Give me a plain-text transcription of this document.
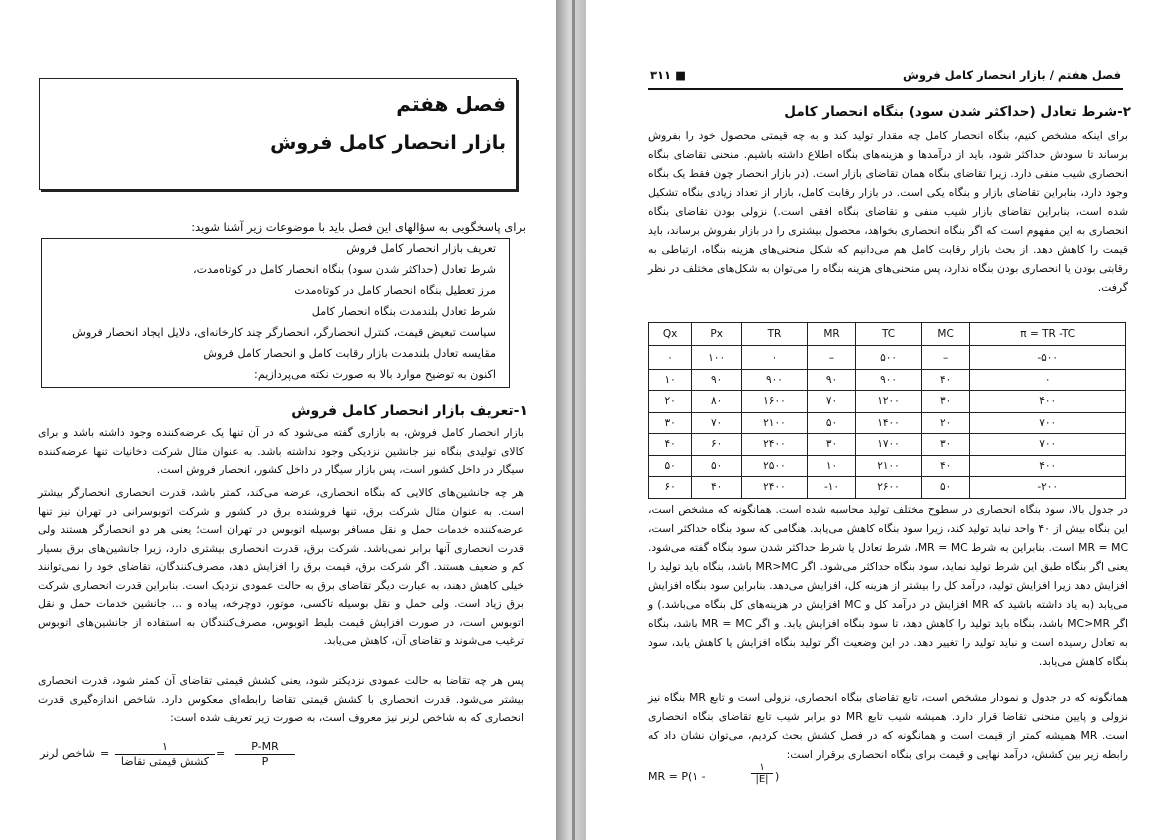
فصل هفتم
بازار انحصار کامل فروش
برای پاسخگویی به سؤالهای این فصل باید با موضوعات زیر آشنا شوید:
تعریف بازار انحصار کامل فروش
شرط تعادل (حداکثر شدن سود) بنگاه انحصار کامل در کوتاه‌مدت،
مرز تعطیل بنگاه انحصار کامل در کوتاه‌مدت
شرط تعادل بلندمدت بنگاه انحصار کامل
سیاست تبعیض قیمت، کنترل انحصارگر، انحصارگر چند کارخانه‌ای، دلایل ایجاد انحصار فروش
مقایسه تعادل بلندمدت بازار رقابت کامل و انحصار کامل فروش
اکنون به توضیح موارد بالا به صورت نکته می‌پردازیم:
۱-تعریف بازار انحصار کامل فروش
بازار انحصار کامل فروش، به بازاری گفته می‌شود که در آن تنها یک عرضه‌کننده وجود داشته باشد و برای کالای تولیدی بنگاه نیز جانشین نزدیکی وجود نداشته باشد. به عنوان مثال شرکت دخانیات تنها عرضه‌کننده سیگار در داخل کشور است، پس بازار سیگار در داخل کشور، انحصار فروش است.
هر چه جانشین‌های کالایی که بنگاه انحصاری، عرضه می‌کند، کمتر باشد، قدرت انحصاری انحصارگر بیشتر است. به عنوان مثال شرکت برق، تنها فروشنده برق در کشور و شرکت اتوبوسرانی در تهران نیز تنها عرضه‌کننده خدمات حمل و نقل مسافر بوسیله اتوبوس در تهران است؛ یعنی هر دو انحصارگر هستند ولی قدرت انحصاری آنها برابر نمی‌باشد. شرکت برق، قدرت انحصاری بیشتری دارد، زیرا جانشین‌های برق بسیار کم و ضعیف هستند. اگر شرکت برق، قیمت برق را افزایش دهد، مصرف‌کنندگان، تقاضای خود را نمی‌توانند خیلی کاهش دهند، به عبارت دیگر تقاضای برق به حالت عمودی نزدیک است. بنابراین قدرت انحصاری شرکت برق زیاد است. ولی حمل و نقل بوسیله تاکسی، موتور، دوچرخه، پیاده و ... جانشین خدمات حمل و نقل اتوبوس است، در صورت افزایش قیمت بلیط اتوبوس، مصرف‌کنندگان به استفاده از جانشین‌های اتوبوس ترغیب می‌شوند و تقاضای آن، کاهش می‌یابد.
پس هر چه تقاضا به حالت عمودی نزدیکتر شود، یعنی کشش قیمتی تقاضای آن کمتر شود، قدرت انحصاری بیشتر می‌شود. قدرت انحصاری با کشش قیمتی تقاضا رابطه‌ای معکوس دارد. شاخص اندازه‌گیری قدرت انحصاری که به شاخص لرنر نیز معروف است، به صورت زیر تعریف شده است:
$\frac{P-MR}{P}$
=
۱
کشش قیمتی تقاضا
=
شاخص لرنر
فصل هفتم / بازار انحصار کامل فروش
۳۱۱ ■
۲-شرط تعادل (حداکثر شدن سود) بنگاه انحصار کامل
برای اینکه مشخص کنیم، بنگاه انحصار کامل چه مقدار تولید کند و به چه قیمتی محصول خود را بفروش برساند تا سودش حداکثر شود، باید از درآمدها و هزینه‌های بنگاه اطلاع داشته باشیم. منحنی تقاضای بنگاه انحصاری شیب منفی دارد. زیرا تقاضای بنگاه همان تقاضای بازار است. (در بازار انحصار چون فقط یک بنگاه وجود دارد، بنابراین تقاضای بازار و بنگاه یکی است. در بازار رقابت کامل، بازار از تعداد زیادی بنگاه تشکیل شده است، بنابراین تقاضای بازار شیب منفی و تقاضای بنگاه افقی است.) نزولی بودن تقاضای بنگاه انحصاری به این مفهوم است که اگر بنگاه انحصاری بخواهد، محصول بیشتری را در بازار بفروش برساند، باید قیمت را کاهش دهد. از بحث بازار رقابت کامل هم می‌دانیم که شکل منحنی‌های هزینه بنگاه، ارتباطی به رقابتی بودن یا انحصاری بودن بنگاه ندارد، پس منحنی‌های هزینه بنگاه را می‌توان به شکل‌های مختلف در نظر گرفت.
Qx	Px	TR	MR	TC	MC	π = TR -TC
۰	۱۰۰	۰	–	۵۰۰	–	-۵۰۰
۱۰	۹۰	۹۰۰	۹۰	۹۰۰	۴۰	۰
۲۰	۸۰	۱۶۰۰	۷۰	۱۲۰۰	۳۰	۴۰۰
۳۰	۷۰	۲۱۰۰	۵۰	۱۴۰۰	۲۰	۷۰۰
۴۰	۶۰	۲۴۰۰	۳۰	۱۷۰۰	۳۰	۷۰۰
۵۰	۵۰	۲۵۰۰	۱۰	۲۱۰۰	۴۰	۴۰۰
۶۰	۴۰	۲۴۰۰	-۱۰	۲۶۰۰	۵۰	-۲۰۰
در جدول بالا، سود بنگاه انحصاری در سطوح مختلف تولید محاسبه شده است. همانگونه که مشخص است، این بنگاه بیش از ۴۰ واحد نباید تولید کند، زیرا سود بنگاه کاهش می‌یابد. هنگامی که سود بنگاه حداکثر است، MR = MC است. بنابراین به شرط MR = MC، شرط تعادل یا شرط حداکثر شدن سود بنگاه گفته می‌شود. یعنی اگر بنگاه طبق این شرط تولید نماید، سود بنگاه حداکثر می‌شود. اگر MR>MC باشد، بنگاه باید تولید را افزایش دهد زیرا افزایش تولید، درآمد کل را بیشتر از هزینه کل، افزایش می‌دهد. بنابراین سود بنگاه افزایش می‌یابد (به یاد داشته باشید که MR افزایش در درآمد کل و MC افزایش در هزینه‌های کل بنگاه می‌باشد.) و اگر MC>MR باشد، بنگاه باید تولید را کاهش دهد، تا سود بنگاه افزایش یابد. و اگر MR = MC باشد، بنگاه به تعادل رسیده است و نباید تولید را تغییر دهد. در این وضعیت اگر تولید بنگاه افزایش یا کاهش یابد، سود بنگاه کاهش می‌یابد.
همانگونه که در جدول و نمودار مشخص است، تابع تقاضای بنگاه انحصاری، نزولی است و تابع MR بنگاه نیز نزولی و پایین منحنی تقاضا قرار دارد. همیشه شیب تابع MR دو برابر شیب تابع تقاضای بنگاه انحصاری است. MR همیشه کمتر از قیمت است و همانگونه که در فصل کشش بحث کردیم، می‌توان نشان داد که رابطه زیر بین کشش، درآمد نهایی و قیمت برای بنگاه انحصاری برقرار است:
MR = P(۱ -
۱
|E| )
